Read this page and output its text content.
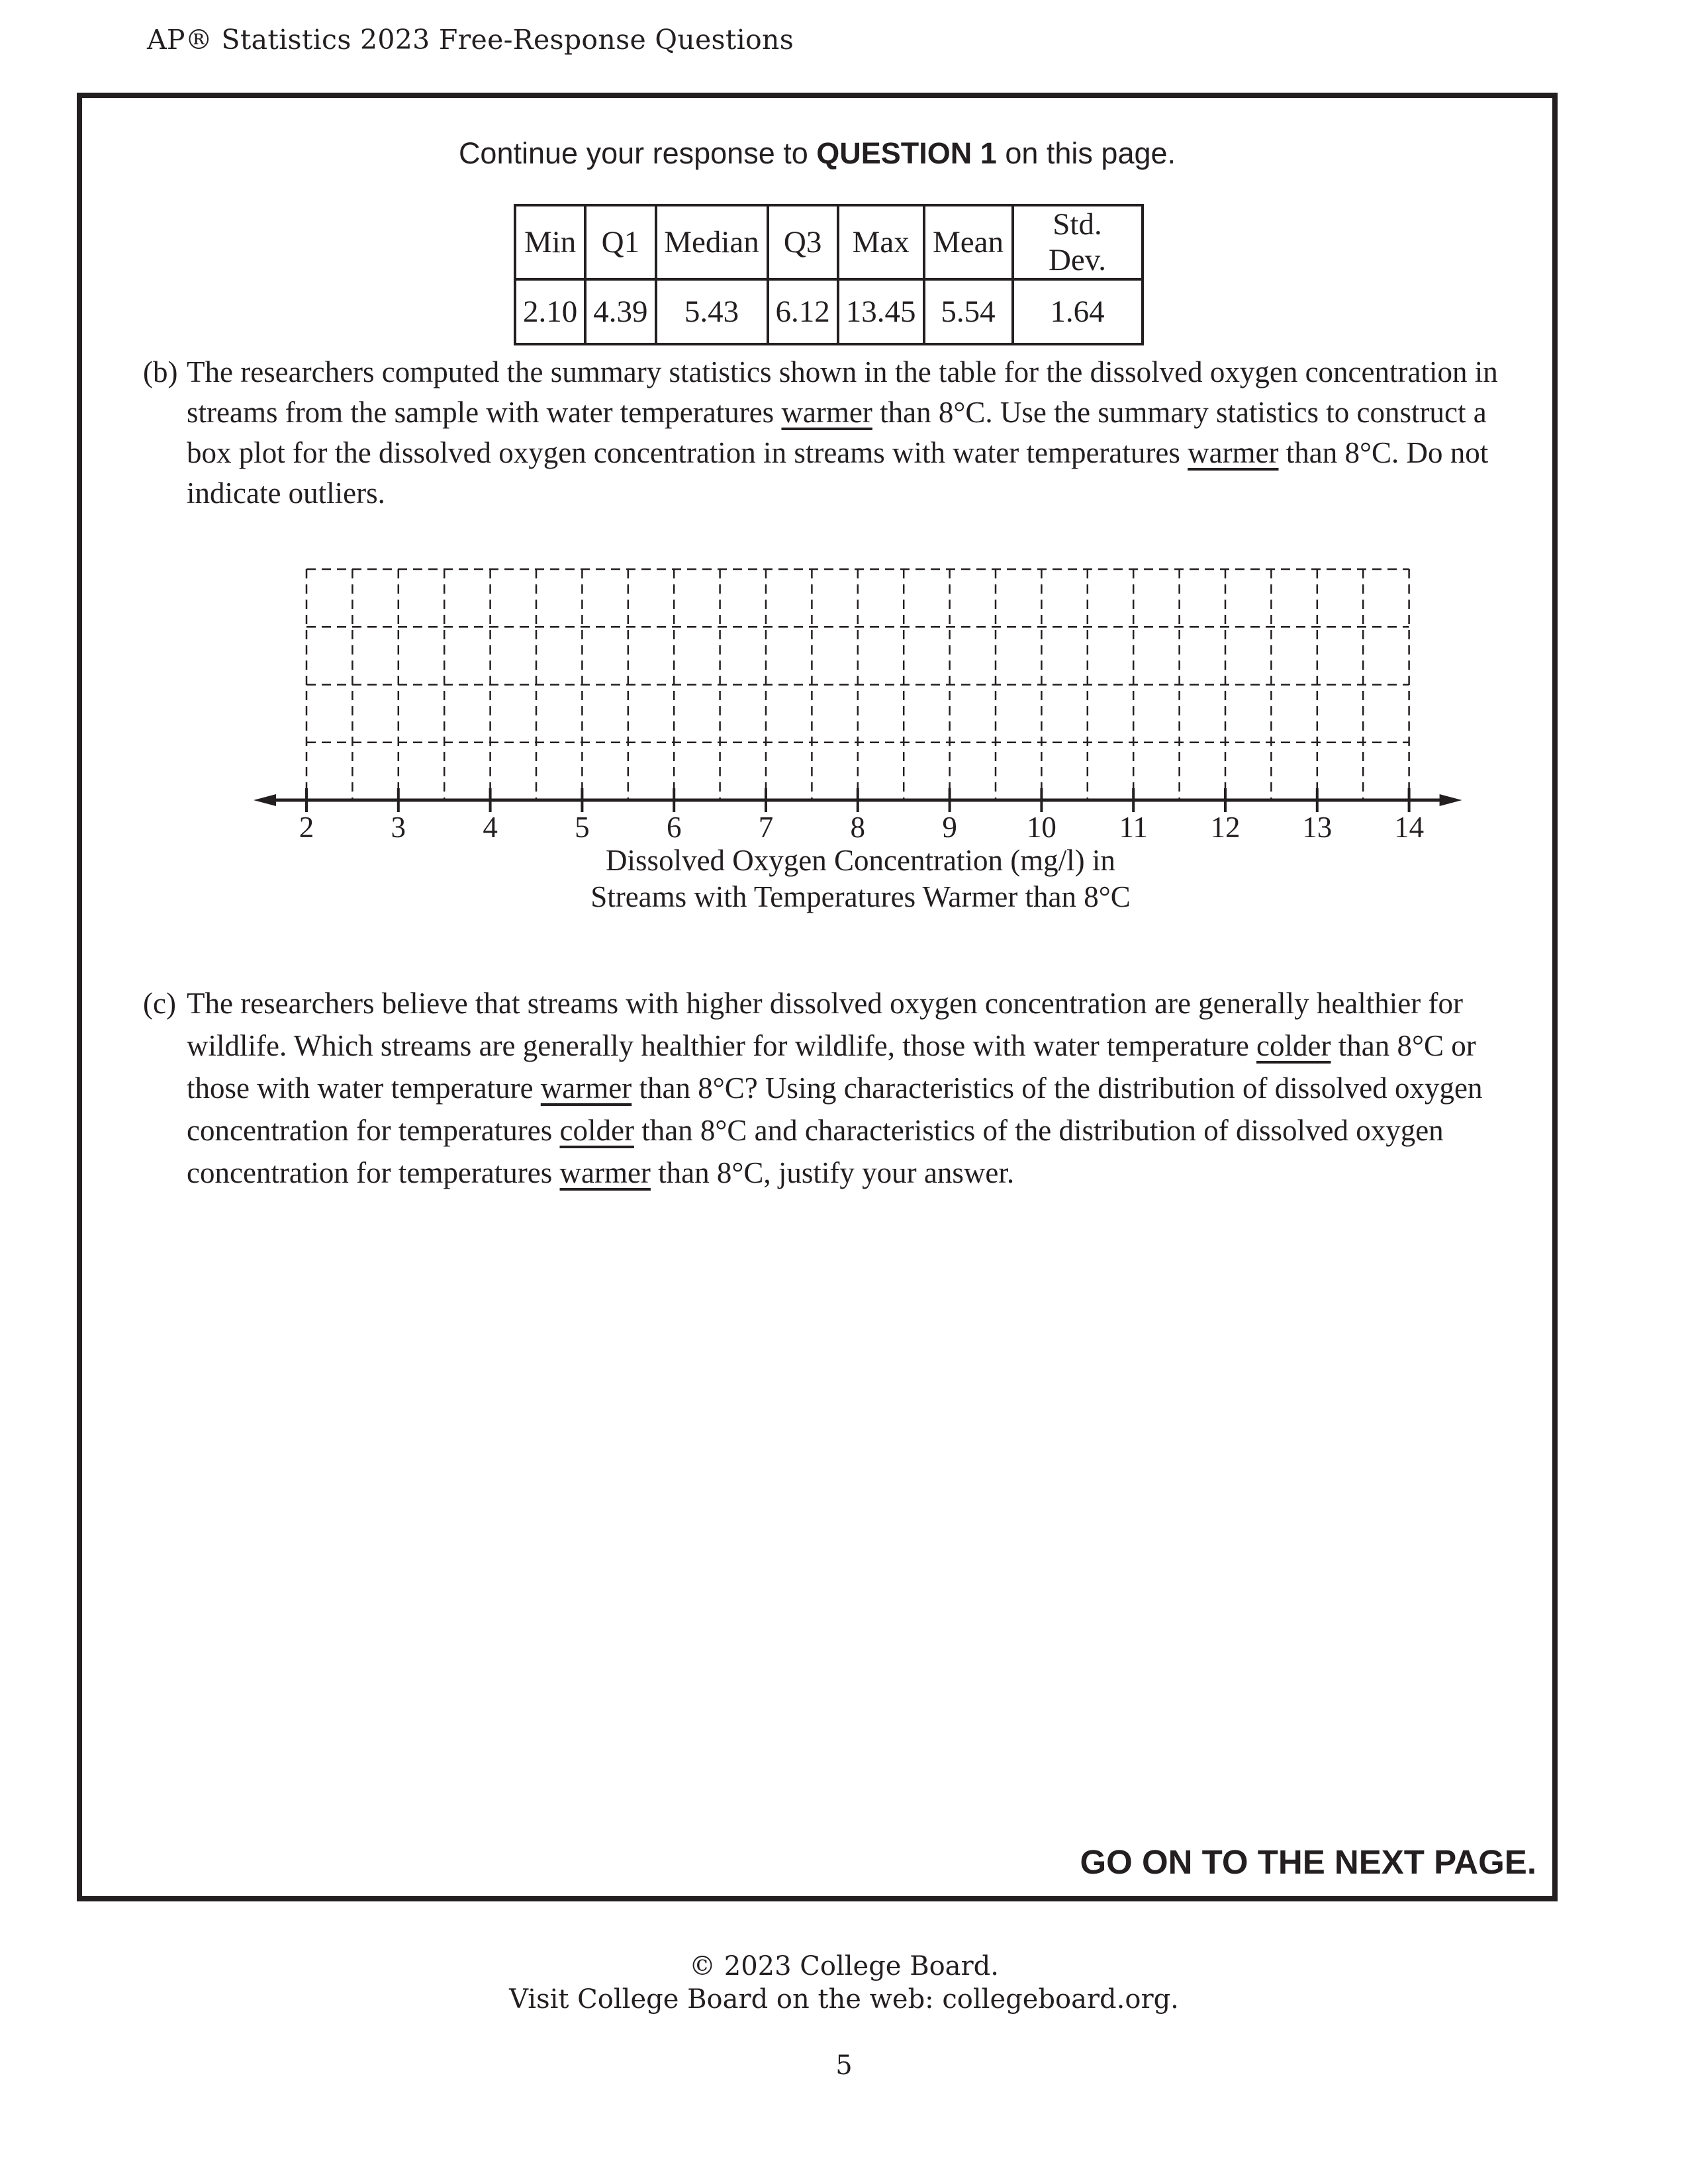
AP® Statistics 2023 Free-Response Questions
Continue your response to QUESTION 1 on this page.
Min	Q1	Median	Q3	Max	Mean	Std. Dev.
2.10	4.39	5.43	6.12	13.45	5.54	1.64
(b) The researchers computed the summary statistics shown in the table for the dissolved oxygen concentration in streams from the sample with water temperatures warmer than 8°C. Use the summary statistics to construct a box plot for the dissolved oxygen concentration in streams with water temperatures warmer than 8°C. Do not indicate outliers.
2	3	4	5	6	7	8	9 10 11 12 13 14
Dissolved Oxygen Concentration (mg/l) in
Streams with Temperatures Warmer than 8°C
(c) The researchers believe that streams with higher dissolved oxygen concentration are generally healthier for wildlife. Which streams are generally healthier for wildlife, those with water temperature colder than 8°C or those with water temperature warmer than 8°C? Using characteristics of the distribution of dissolved oxygen concentration for temperatures colder than 8°C and characteristics of the distribution of dissolved oxygen concentration for temperatures warmer than 8°C, justify your answer.
GO ON TO THE NEXT PAGE.
© 2023 College Board.
Visit College Board on the web: collegeboard.org.
5
